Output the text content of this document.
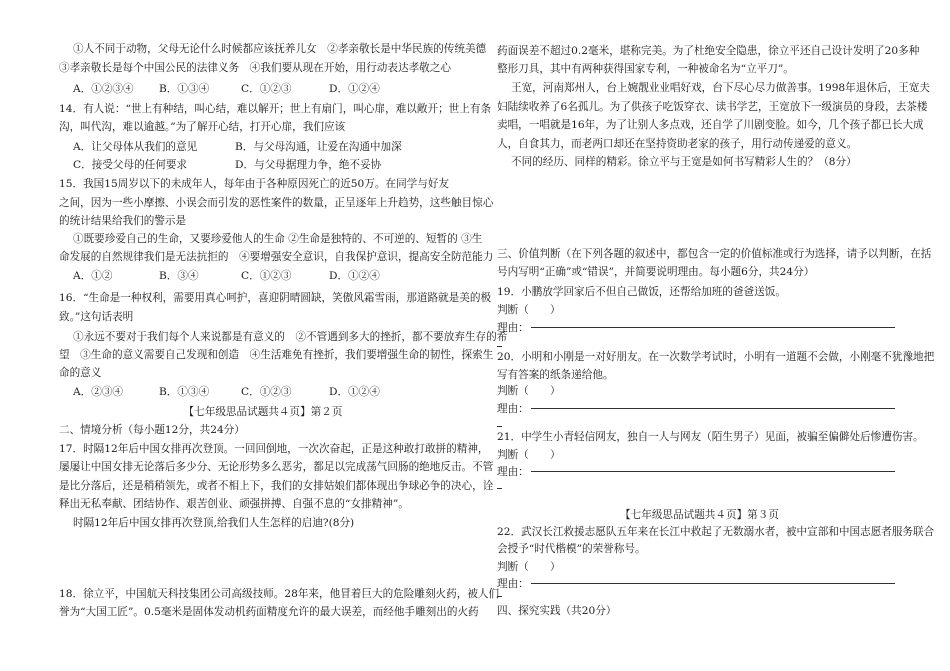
①人不同于动物，父母无论什么时候都应该抚养儿女　②孝亲敬长是中华民族的传统美德
③孝亲敬长是每个中国公民的法律义务　④我们要从现在开始，用行动表达孝敬之心
A．①②③④ B．①③④	C．①②③	D．①②④
14．有人说：“世上有种结，叫心结，难以解开；世上有扇门，叫心扉，难以敞开；世上有条
沟，叫代沟，难以逾越。”为了解开心结，打开心扉，我们应该
A．让父母体从我们的意见	B．与父母沟通，让爱在沟通中加深
C．接受父母的任何要求	D．与父母据理力争，绝不妥协
15．我国15周岁以下的未成年人，每年由于各种原因死亡的近50万。在同学与好友
之间，因为一些小摩擦、小误会而引发的恶性案件的数量，正呈逐年上升趋势，这些触目惊心
的统计结果给我们的警示是
①既要珍爱自己的生命，又要珍爱他人的生命 ②生命是独特的、不可逆的、短暂的 ③生
命发展的自然规律我们是无法抗拒的　④要增强安全意识，自我保护意识，提高安全防范能力
A．①②	B．③④	C．①②③	D．①②④
16．“生命是一种权利，需要用真心呵护，喜迎阴晴圆缺，笑傲风霜雪雨，那道路就是美的极
致。”这句话表明
①永远不要对于我们每个人来说都是有意义的　②不管遇到多大的挫折，都不要放弃生存的希
望　③生命的意义需要自己发现和创造　④生活难免有挫折，我们要增强生命的韧性，探索生
命的意义
A．②③④	B．①③④	C．①②③	D．①②④
【七年级思品试题共４页】第２页
二、情境分析（每小题12分，共24分）
17．时隔12年后中国女排再次登顶。一回回倒地，一次次奋起，正是这种敢打敢拼的精神，
屡屡让中国女排无论落后多少分、无论形势多么恶劣，都足以完成荡气回肠的绝地反击。不管
是比分落后，还是稍稍领先，或者不相上下，我们的女排姑娘们都体现出争球必争的决心，诠
释出无私奉献、团结协作、艰苦创业、顽强拼搏、自强不息的“女排精神”。
时隔12年后中国女排再次登顶,给我们人生怎样的启迪?(8分)
18．徐立平，中国航天科技集团公司高级技师。28年来，他冒着巨大的危险雕刻火药，被人们
誉为“大国工匠”。0.5毫米是固体发动机药面精度允许的最大误差，而经他手雕刻出的火药
药面误差不超过0.2毫米，堪称完美。为了杜绝安全隐患，徐立平还自己设计发明了20多种
整形刀具，其中有两种获得国家专利，一种被命名为“立平刀”。
王宽，河南郑州人，台上婉靓业业唱好戏，台下尽心尽力做善事。1998年退休后，王宽夫
妇陆续收养了6名孤儿。为了供孩子吃饭穿衣、读书学艺，王宽放下一级演员的身段，去茶楼
卖唱，一唱就是16年，为了让别人多点戏，还自学了川剧变脸。如今，几个孩子都已长大成
人，自食其力，而老两口却还在坚持资助老家的孩子，用行动传递爱的意义。
不同的经历、同样的精彩。徐立平与王宽是如何书写精彩人生的？（8分）
三、价值判断（在下列各题的叙述中，都包含一定的价值标准或行为选择，请予以判断，在括
号内写明“正确”或“错误”，并简要说明理由。每小题6分，共24分）
19．小鹏放学回家后不但自己做饭，还帮给加班的爸爸送饭。
判断（　　）
理由：
20．小明和小刚是一对好朋友。在一次数学考试时，小明有一道题不会做，小刚毫不犹豫地把
写有答案的纸条递给他。
判断（　　）
理由：
21．中学生小青轻信网友，独自一人与网友（陌生男子）见面，被骗至偏僻处后惨遭伤害。
判断（　　）
理由：
【七年级思品试题共４页】第３页
22．武汉长江救援志愿队五年来在长江中救起了无数溺水者，被中宣部和中国志愿者服务联合
会授予“时代楷模”的荣誉称号。
判断（　　）
理由：
四、探究实践（共20分）
